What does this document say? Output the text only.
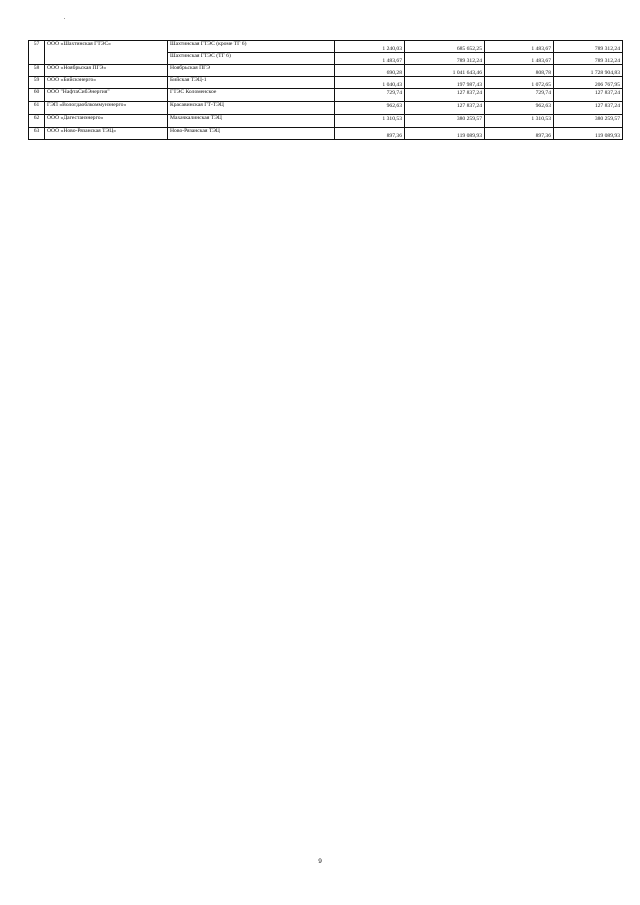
57	ООО «Шахтинская ГТЭС»	Шахтинская ГТЭС (кроме ТГ 6)	1 240,03	685 652,25	1 483,67	789 312,24
		Шахтинская ГТЭС (ТГ 6)	1 483,67	789 312,24	1 483,67	789 312,24
58	ООО «Ноябрьская ПГЭ»	Ноябрьская ПГЭ	690,28	1 041 643,46	808,78	1 728 904,83
59	ООО «Бийскэнерго»	Бийская ТЭЦ-1	1 040,43	197 987,43	1 072,65	206 767,95
60	ООО "НафтаСибЭнергия"	ГТЭС Коломенское	729,74	127 837,24	729,74	127 837,24
61	ГЭП «Вологдаоблкоммунэнерго»	Красавинская ГТ-ТЭЦ	962,63	127 837,24	962,63	127 837,24
62	ООО «Дагестанэнерго»	Махачкалинская ТЭЦ	1 310,53	380 259,57	1 310,53	380 259,57
63	ООО «Ново-Рязанская ТЭЦ»	Ново-Рязанская ТЭЦ	897,36	119 089,93	897,36	119 089,93
9
